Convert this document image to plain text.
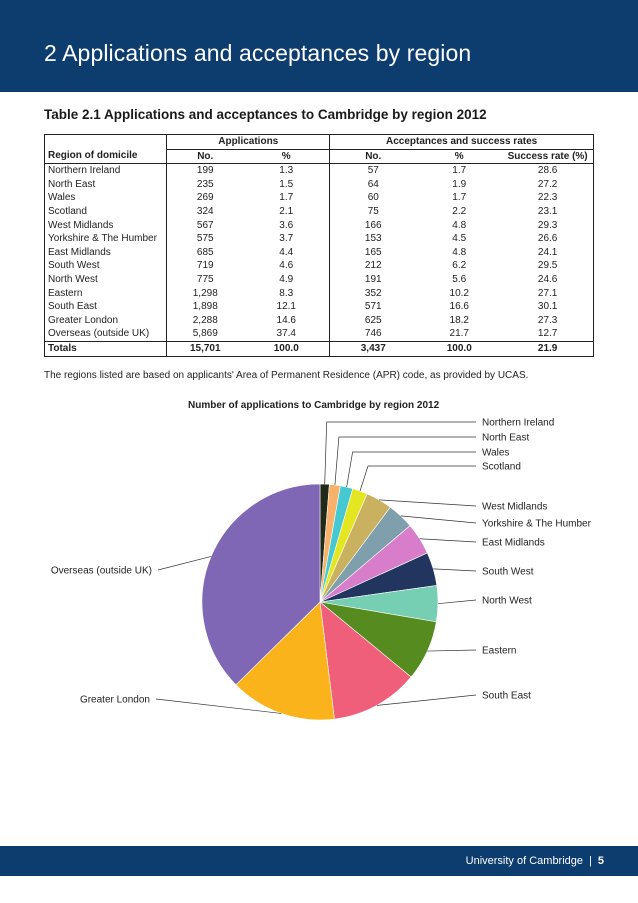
2 Applications and acceptances by region
Table 2.1 Applications and acceptances to Cambridge by region 2012
	Applications		Acceptances and success rates		
Region of domicile	No.	%	No.	%	Success rate (%)
Northern Ireland	199	1.3	57	1.7	28.6
North East	235	1.5	64	1.9	27.2
Wales	269	1.7	60	1.7	22.3
Scotland	324	2.1	75	2.2	23.1
West Midlands	567	3.6	166	4.8	29.3
Yorkshire & The Humber	575	3.7	153	4.5	26.6
East Midlands	685	4.4	165	4.8	24.1
South West	719	4.6	212	6.2	29.5
North West	775	4.9	191	5.6	24.6
Eastern	1,298	8.3	352	10.2	27.1
South East	1,898	12.1	571	16.6	30.1
Greater London	2,288	14.6	625	18.2	27.3
Overseas (outside UK)	5,869	37.4	746	21.7	12.7
Totals	15,701	100.0	3,437	100.0	21.9
The regions listed are based on applicants' Area of Permanent Residence (APR) code, as provided by UCAS.
Number of applications to Cambridge by region 2012
Northern Ireland
North East
Wales
Scotland
West Midlands
Yorkshire & The Humber
East Midlands
South West
North West
Eastern
South East
Greater London
Overseas (outside UK)
University of Cambridge | 5
